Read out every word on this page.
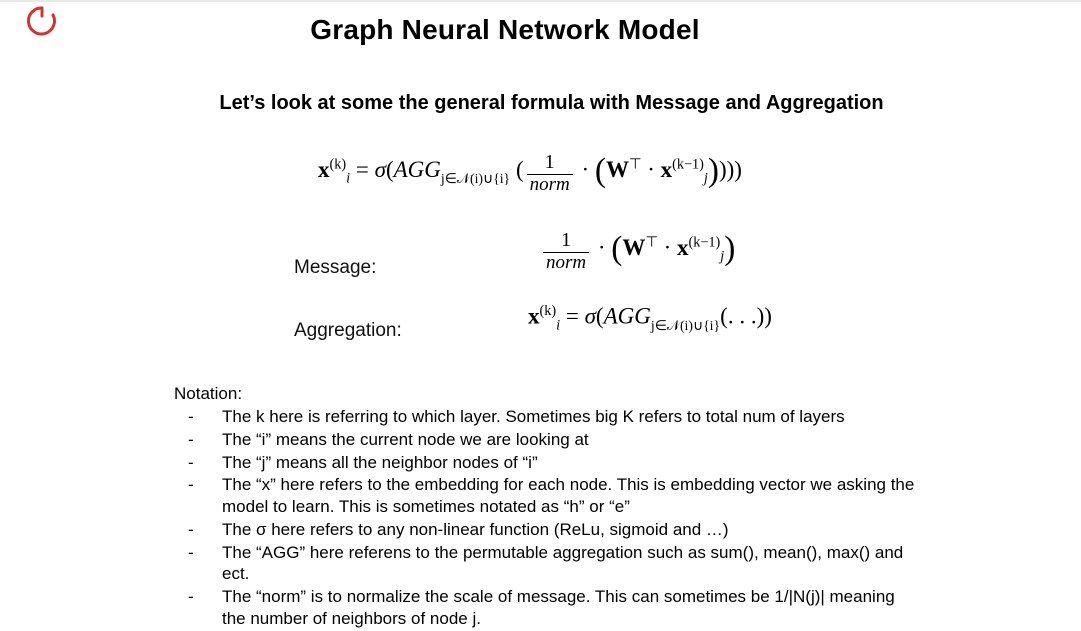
Graph Neural Network Model
Let’s look at some the general formula with Message and Aggregation
$x^{(k)}_i = \sigma(AGG_{j\in 𝒩(i)\cup\{i\}}$ ( $\frac{1}{\text{norm}} \cdot (W^⊤ \cdot x^{(k-1)}_j)$)))
Message:	$\frac{1}{\text{norm}} \cdot (W^⊤ \cdot x^{(k-1)}_j)$
Aggregation:
$x^{(k)}_i = \sigma(AGG_{j\in 𝒩(i)\cup\{i\}}$(. . .))
Notation:
-	The k here is referring to which layer. Sometimes big K refers to total num of layers
-	The “i” means the current node we are looking at
-	The “j” means all the neighbor nodes of “i”
-	The “x” here refers to the embedding for each node. This is embedding vector we asking the model to learn. This is sometimes notated as “h” or “e”
-	The σ here refers to any non-linear function (ReLu, sigmoid and …)
-	The “AGG” here referens to the permutable aggregation such as sum(), mean(), max() and ect.
-	The “norm” is to normalize the scale of message. This can sometimes be 1/|N(j)| meaning the number of neighbors of node j.
